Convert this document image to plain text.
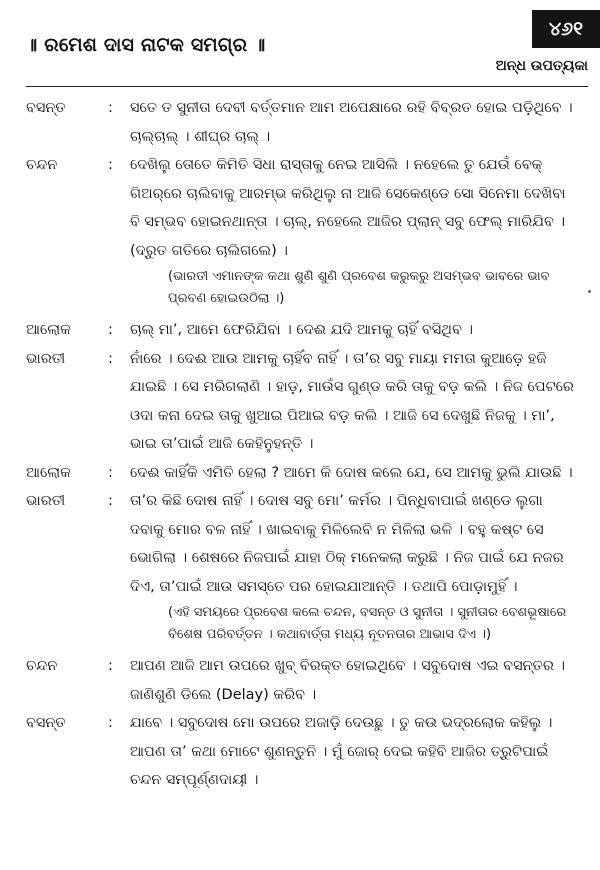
॥ ରମେଶ ଦାସ ନାଟକ ସମଗ୍ର ॥
୪୬୧
ଅନ୍ଧ ଉପତ୍ୟକା
ବସନ୍ତ	: ସତେ ତ ସୁନୀତା ଦେବୀ ବର୍ତ୍ତମାନ ଆମ ଅପେକ୍ଷାରେ ରହି ବିବ୍ରତ ହୋଇ ପଡ଼ିଥିବେ । ଚାଲ୍‌ଚାଲ୍ । ଶୀଘ୍ର ଚାଲ୍ ।
ଚନ୍ଦନ	: ଦେଖିଲୁ ତୋତେ କିମିତି ସିଧା ରାସ୍ତାକୁ ନେଇ ଆସିଲି । ନହେଲେ ତୁ ଯେଉଁ ବେକ୍ ଗିଅର୍‌ରେ ଚାଲିବାକୁ ଆରମ୍ଭ କରିଥିଲୁ ନା ଆଜି ସେକେଣ୍ଡେ ସୋ ସିନେମା ଦେଖିବା ବି ସମ୍ଭବ ହୋଇନଥାନ୍ତା । ଚାଲ୍, ନହେଲେ ଆଜିର ପ୍ଲାନ୍ ସବୁ ଫେଲ୍ ମାରିଯିବ । (ଦ୍ରୁତ ଗତିରେ ଚାଲିଗଲେ) ।
(ଭାରତୀ ଏମାନଙ୍କ କଥା ଶୁଣି ଶୁଣି ପ୍ରବେଶ କରୁକରୁ ଅସମ୍ଭବ ଭାବରେ ଭାବ ପ୍ରବଣ ହୋଇଉଠିଲା ।)
ଆଲୋକ	: ଚାଲ୍ ମା’, ଆମେ ଫେରିଯିବା । ଦେଈ ଯଦି ଆମକୁ ଚାହିଁ ବସିଥିବ ।
ଭାରତୀ	: ନାଁରେ । ଦେଈ ଆଉ ଆମକୁ ଚାହିଁବ ନାହିଁ । ତା’ର ସବୁ ମାୟା ମମତା କୁଆଡ଼େ ହଜି ଯାଇଛି । ସେ ମରିଗଲାଣି । ହାଡ଼, ମାଉଁସ ଗୁଣ୍ଡ କରି ତାକୁ ବଡ଼ କଲି । ନିଜ ପେଟରେ ଓଦା କନା ଦେଇ ତାକୁ ଖୁଆଇ ପିଆଇ ବଡ଼ କଲି । ଆଜି ସେ ଦେଖୁଛି ନିଜକୁ । ମା’, ଭାଇ ତା’ପାଇଁ ଆଜି କେହିନୁହନ୍ତି ।
ଆଲୋକ	: ଦେଈ କାହିଁକି ଏମିତି ହେଲା ? ଆମେ କି ଦୋଷ କଲେ ଯେ, ସେ ଆମକୁ ଭୁଲି ଯାଉଛି ।
ଭାରତୀ	: ତା’ର କିଛି ଦୋଷ ନାହିଁ । ଦୋଷ ସବୁ ମୋ’ କର୍ମର । ପିନ୍ଧିବାପାଇଁ ଖଣ୍ଡେ ଲୁଗା ଦବାକୁ ମୋର ବଳ ନାହିଁ । ଖାଇବାକୁ ମିଳିଲେବି ନ ମିଳିଲା ଭଳି । ବହୁ କଷ୍ଟ ସେ ଭୋଗିଲା । ଶେଷରେ ନିଜପାଇଁ ଯାହା ଠିକ୍ ମନେକଲା କରୁଛି । ନିଜ ପାଇଁ ଯେ ନଜର ଦିଏ, ତା’ପାଇଁ ଆଉ ସମସ୍ତେ ପର ହୋଇଯାଆନ୍ତି । ତଥାପି ପୋଡ଼ାମୁହିଁ ।
(ଏହି ସମୟରେ ପ୍ରବେଶ କଲେ ଚନ୍ଦନ, ବସନ୍ତ ଓ ସୁନୀତା । ସୁନୀତାର ବେଶଭୂଷାରେ ବିଶେଷ ପରିବର୍ତ୍ତନ । କଥାବାର୍ତ୍ତା ମଧ୍ୟ ନୂତନତାର ଆଭାସ ଦିଏ ।)
ଚନ୍ଦନ	: ଆପଣ ଆଜି ଆମ ଉପରେ ଖୁବ୍ ବିରକ୍ତ ହୋଇଥିବେ । ସବୁଦୋଷ ଏଇ ବସନ୍ତର । ଜାଣିଶୁଣି ଡିଲେ (Delay) କରିବ ।
ବସନ୍ତ	: ଯାବେ । ସବୁଦୋଷ ମୋ ଉପରେ ଅଜାଡ଼ି ଦେଉଛୁ । ତୁ କଉ ଭଦ୍ରଲୋକ କହିଲୁ । ଆପଣ ତା’ କଥା ମୋଟେ ଶୁଣନ୍ତୁନି । ମୁଁ ଜୋର୍ ଦେଇ କହିବି ଆଜିର ତ୍ରୁଟିପାଇଁ ଚନ୍ଦନ ସମ୍ପୂର୍ଣ୍ଣଦାୟୀ ।
